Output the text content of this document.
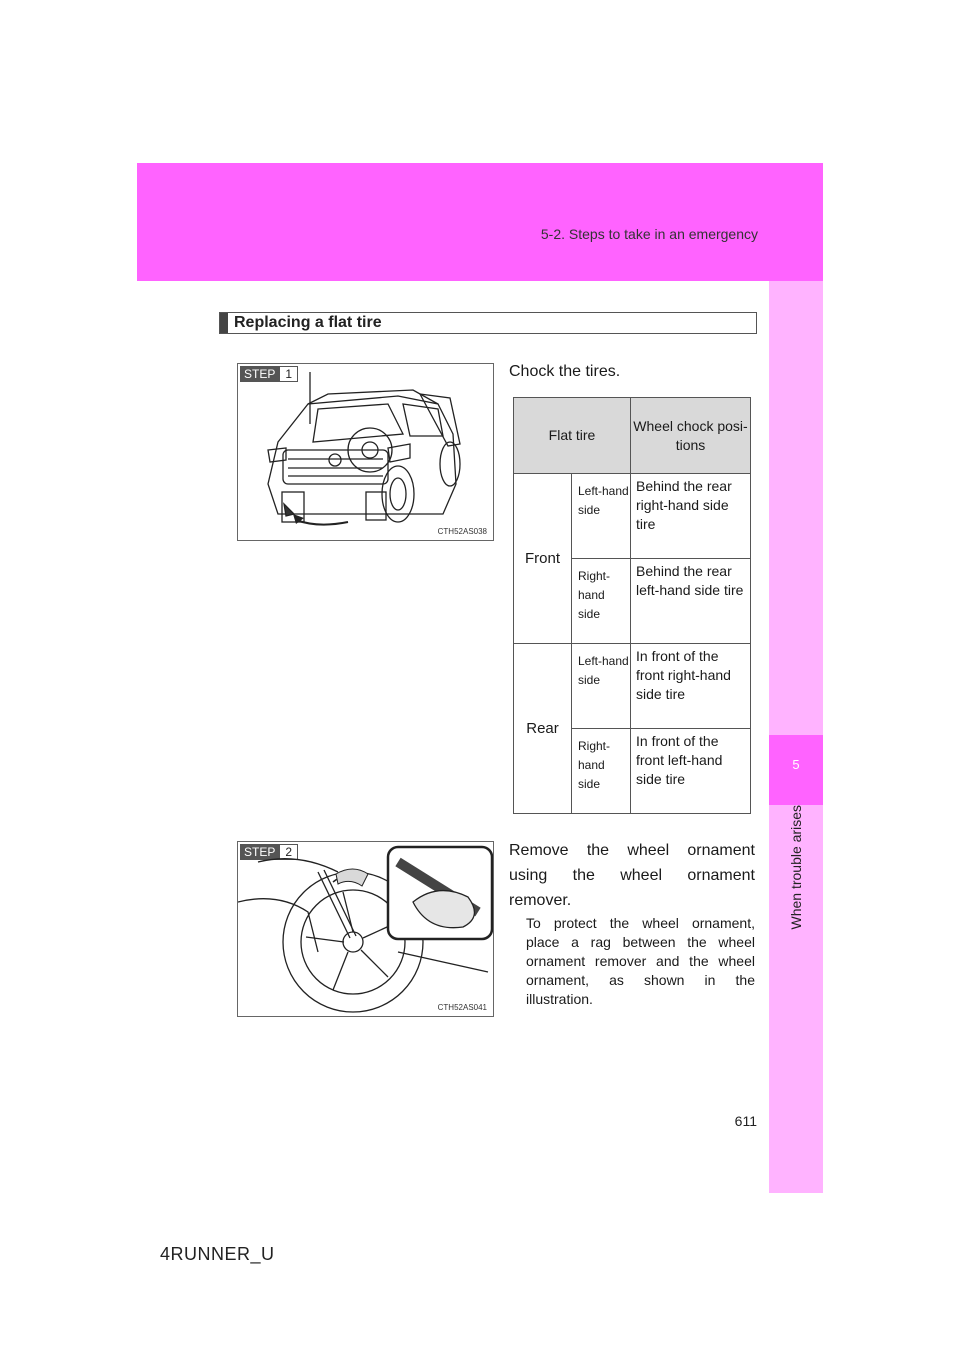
5-2. Steps to take in an emergency
5
When trouble arises
Replacing a flat tire
STEP 1
CTH52AS038
Chock the tires.
Flat tire		Wheel chock posi-tions
Front	Left-hand side	Behind the rear right-hand side tire
	Right-hand side	Behind the rear left-hand side tire
Rear	Left-hand side	In front of the front right-hand side tire
	Right-hand side	In front of the front left-hand side tire
STEP 2
CTH52AS041
Remove the wheel ornament using the wheel ornament remover.
To protect the wheel ornament, place a rag between the wheel ornament remover and the wheel ornament, as shown in the illustration.
611
4RUNNER_U
